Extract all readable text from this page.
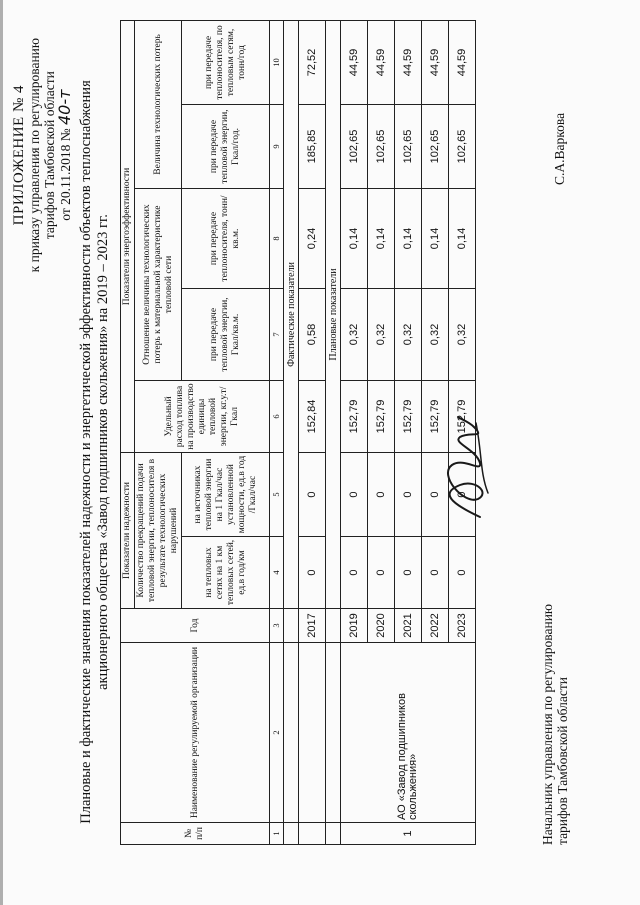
ПРИЛОЖЕНИЕ № 4 к приказу управления по регулированию тарифов Тамбовской области от 20.11.2018 № 40-т Плановые и фактические значения показателей надежности и энергетической эффективности объектов теплоснабжения акционерного общества «Завод подшипников скольжения» на 2019 – 2023 гг.
№ п/п	Наименование регулируемой организации	Год	Показатели надежности		Показатели энергоэффективности				
			Количество прекращений подачи тепловой энергии, теплоносителя в результате технологических нарушений		Удельный расход топлива на производство единицы тепловой энергии, кг.у.т/Гкал	Отношение величины технологических потерь к материальной характеристике тепловой сети		Величина технологических потерь	
			на тепловых сетях на 1 км тепловых сетей, ед.в год/км	на источниках тепловой энергии на 1 Гкал/час установленной мощности, ед.в год /Гкал/час		при передаче тепловой энергии, Гкал/кв.м.	при передаче теплоносителя, тонн/кв.м.	при передаче тепловой энергии, Гкал/год.	при передаче теплоносителя, по тепловым сетям, тонн/год
1	2	3	4	5	6	7	8	9	10
			Фактические показатели						
		2017	0	0	152,84	0,58	0,24	185,85	72,52
			Плановые показатели						
1	АО «Завод подшипников скольжения»	2019	0	0	152,79	0,32	0,14	102,65	44,59
		2020	0	0	152,79	0,32	0,14	102,65	44,59
		2021	0	0	152,79	0,32	0,14	102,65	44,59
		2022	0	0	152,79	0,32	0,14	102,65	44,59
		2023	0	0	152,79	0,32	0,14	102,65	44,59
Начальник управления по регулированию тарифов Тамбовской области
С.А.Варкова
